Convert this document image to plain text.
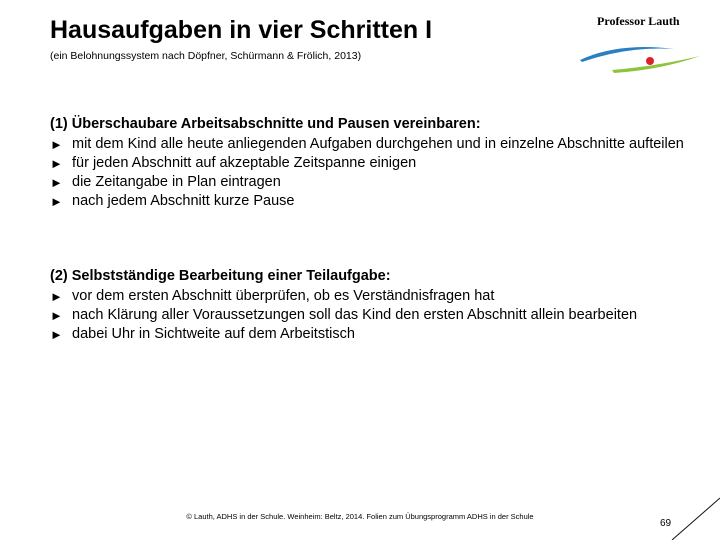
Hausaufgaben in vier Schritten I
(ein Belohnungssystem nach Döpfner, Schürmann & Frölich, 2013)
Professor Lauth
(1) Überschaubare Arbeitsabschnitte und Pausen vereinbaren:
► mit dem Kind alle heute anliegenden Aufgaben durchgehen und in einzelne Abschnitte aufteilen
► für jeden Abschnitt auf akzeptable Zeitspanne einigen
► die Zeitangabe in Plan eintragen
► nach jedem Abschnitt kurze Pause
(2) Selbstständige Bearbeitung einer Teilaufgabe:
► vor dem ersten Abschnitt überprüfen, ob es Verständnisfragen hat
► nach Klärung aller Voraussetzungen soll das Kind den ersten Abschnitt allein bearbeiten
► dabei Uhr in Sichtweite auf dem Arbeitstisch
© Lauth, ADHS in der Schule. Weinheim: Beltz, 2014. Folien zum Übungsprogramm ADHS in der Schule
69
